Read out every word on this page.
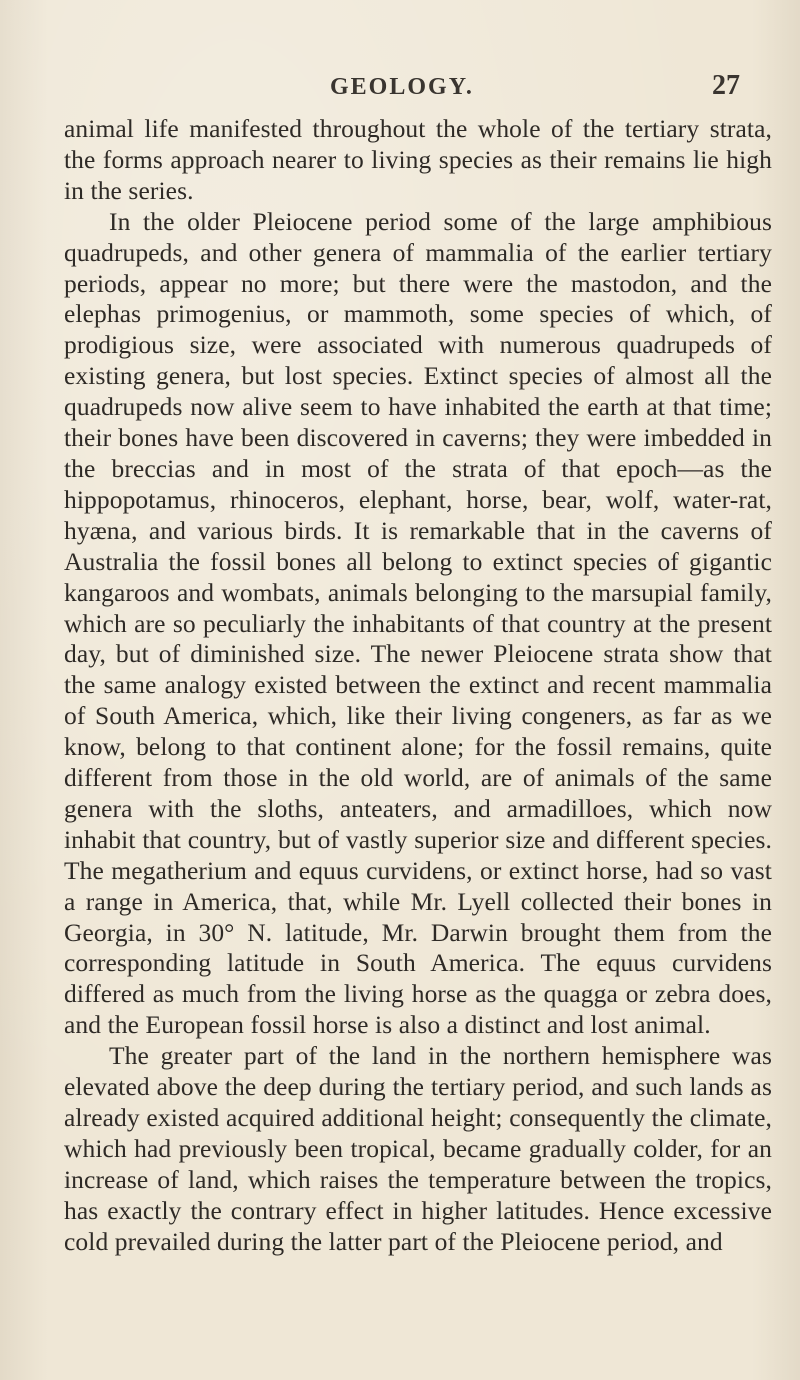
GEOLOGY.	27

animal life manifested throughout the whole of the tertiary strata, the forms approach nearer to living species as their remains lie high in the series.

In the older Pleiocene period some of the large amphibious quadrupeds, and other genera of mammalia of the earlier tertiary periods, appear no more; but there were the mastodon, and the elephas primogenius, or mammoth, some species of which, of prodigious size, were associated with numerous quadrupeds of existing genera, but lost species. Extinct species of almost all the quadrupeds now alive seem to have inhabited the earth at that time; their bones have been discovered in caverns; they were imbedded in the breccias and in most of the strata of that epoch—as the hippopotamus, rhinoceros, elephant, horse, bear, wolf, water-rat, hyæna, and various birds. It is remarkable that in the caverns of Australia the fossil bones all belong to extinct species of gigantic kangaroos and wombats, animals belonging to the marsupial family, which are so peculiarly the inhabitants of that country at the present day, but of diminished size. The newer Pleiocene strata show that the same analogy existed between the extinct and recent mammalia of South America, which, like their living congeners, as far as we know, belong to that continent alone; for the fossil remains, quite different from those in the old world, are of animals of the same genera with the sloths, anteaters, and armadilloes, which now inhabit that country, but of vastly superior size and different species. The megatherium and equus curvidens, or extinct horse, had so vast a range in America, that, while Mr. Lyell collected their bones in Georgia, in 30° N. latitude, Mr. Darwin brought them from the corresponding latitude in South America. The equus curvidens differed as much from the living horse as the quagga or zebra does, and the European fossil horse is also a distinct and lost animal.

The greater part of the land in the northern hemisphere was elevated above the deep during the tertiary period, and such lands as already existed acquired additional height; consequently the climate, which had previously been tropical, became gradually colder, for an increase of land, which raises the temperature between the tropics, has exactly the contrary effect in higher latitudes. Hence excessive cold prevailed during the latter part of the Pleiocene period, and
